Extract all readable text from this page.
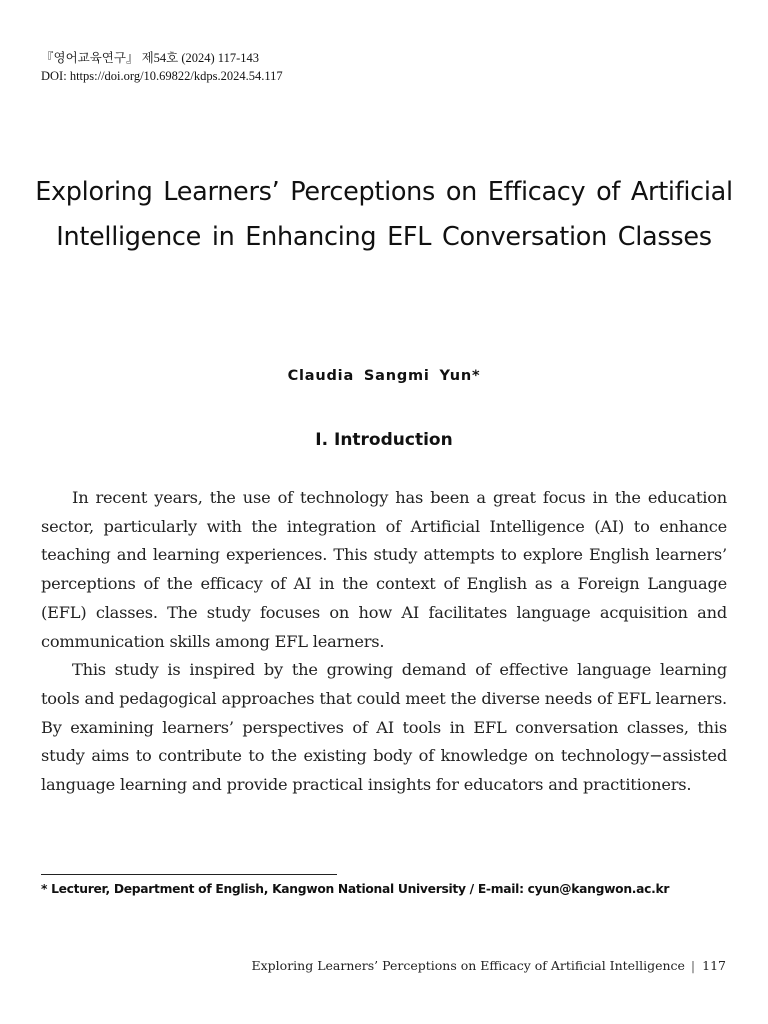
『영어교육연구』 제54호 (2024) 117-143
DOI: https://doi.org/10.69822/kdps.2024.54.117
Exploring Learners’ Perceptions on Efficacy of Artificial Intelligence in Enhancing EFL Conversation Classes
Claudia Sangmi Yun*
I. Introduction

In recent years, the use of technology has been a great focus in the education sector, particularly with the integration of Artificial Intelligence (AI) to enhance teaching and learning experiences. This study attempts to explore English learners’ perceptions of the efficacy of AI in the context of English as a Foreign Language (EFL) classes. The study focuses on how AI facilitates language acquisition and communication skills among EFL learners.

This study is inspired by the growing demand of effective language learning tools and pedagogical approaches that could meet the diverse needs of EFL learners. By examining learners’ perspectives of AI tools in EFL conversation classes, this study aims to contribute to the existing body of knowledge on technology−assisted language learning and provide practical insights for educators and practitioners.

* Lecturer, Department of English, Kangwon National University / E-mail: cyun@kangwon.ac.kr
Exploring Learners’ Perceptions on Efficacy of Artificial Intelligence | 117
